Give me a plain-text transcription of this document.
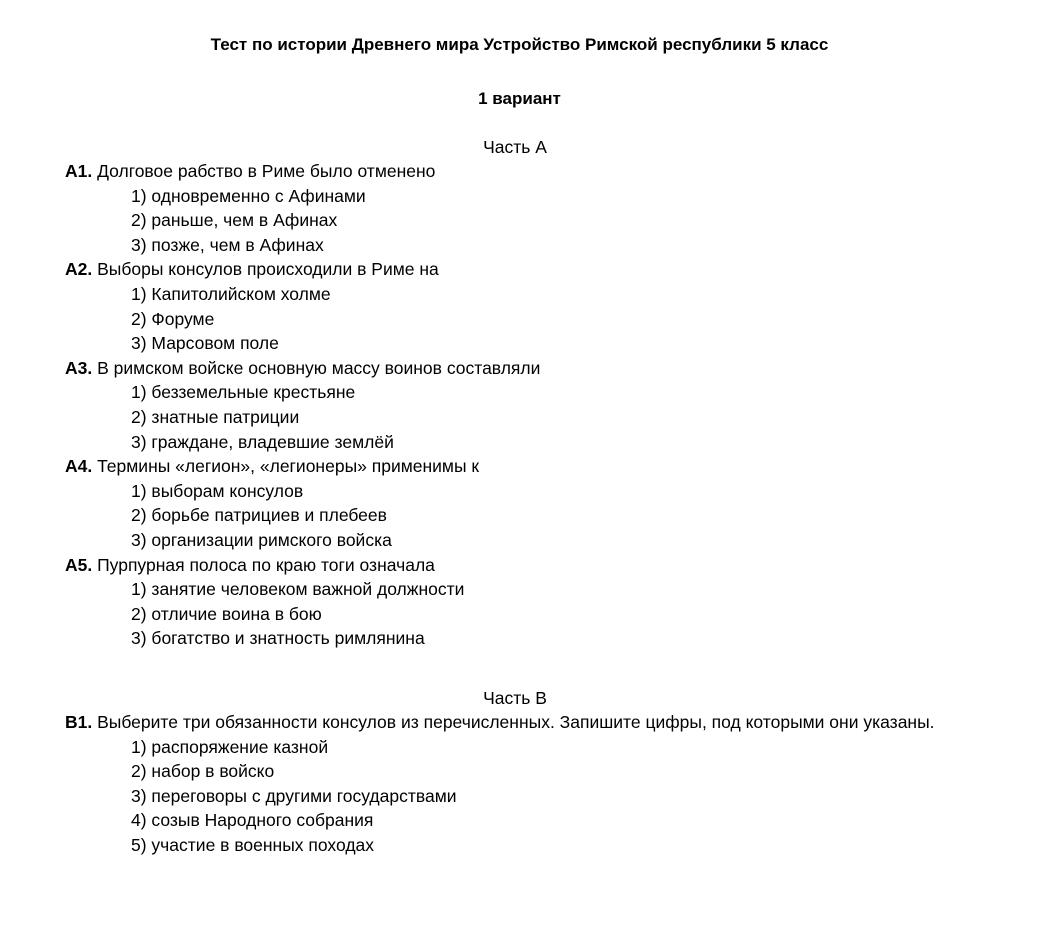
Тест по истории Древнего мира Устройство Римской республики 5 класс
1 вариант

Часть А

А1. Долговое рабство в Риме было отменено

1) одновременно с Афинами
2) раньше, чем в Афинах
3) позже, чем в Афинах

А2. Выборы консулов происходили в Риме на

1) Капитолийском холме
2) Форуме
3) Марсовом поле

А3. В римском войске основную массу воинов составляли

1) безземельные крестьяне
2) знатные патриции
3) граждане, владевшие землёй

А4. Термины «легион», «легионеры» применимы к

1) выборам консулов
2) борьбе патрициев и плебеев
3) организации римского войска

А5. Пурпурная полоса по краю тоги означала

1) занятие человеком важной должности
2) отличие воина в бою
3) богатство и знатность римлянина

Часть В

В1. Выберите три обязанности консулов из перечисленных. Запишите цифры, под которыми они указаны.

1) распоряжение казной
2) набор в войско
3) переговоры с другими государствами
4) созыв Народного собрания
5) участие в военных походах
